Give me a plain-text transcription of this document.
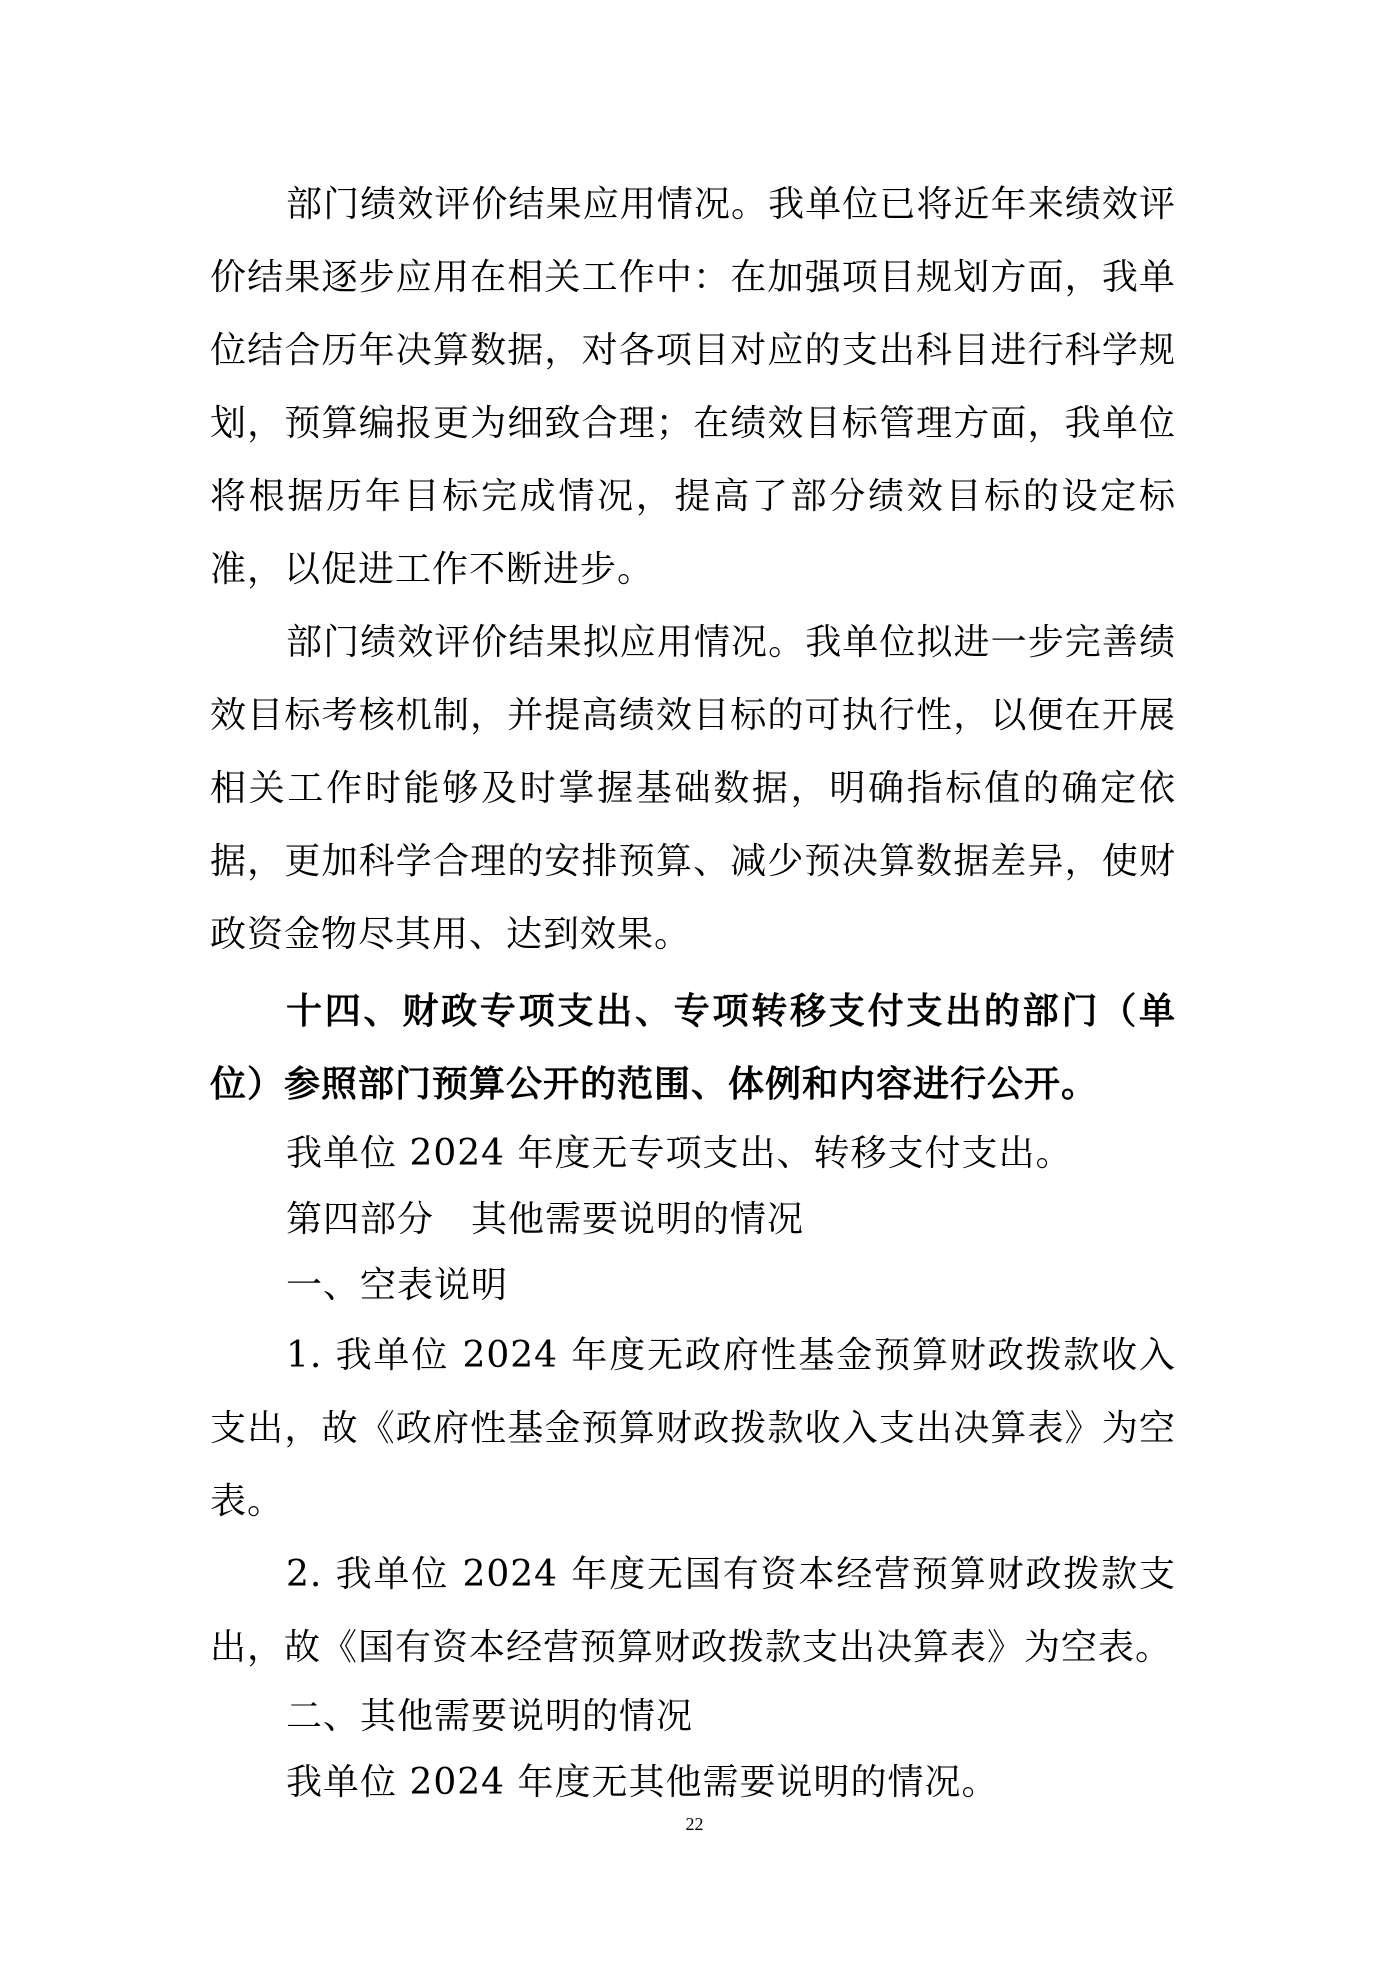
部门绩效评价结果应用情况。我单位已将近年来绩效评价结果逐步应用在相关工作中：在加强项目规划方面，我单位结合历年决算数据，对各项目对应的支出科目进行科学规划，预算编报更为细致合理；在绩效目标管理方面，我单位将根据历年目标完成情况，提高了部分绩效目标的设定标准，以促进工作不断进步。

部门绩效评价结果拟应用情况。我单位拟进一步完善绩效目标考核机制，并提高绩效目标的可执行性，以便在开展相关工作时能够及时掌握基础数据，明确指标值的确定依据，更加科学合理的安排预算、减少预决算数据差异，使财政资金物尽其用、达到效果。

十四、财政专项支出、专项转移支付支出的部门（单位）参照部门预算公开的范围、体例和内容进行公开。

我单位 2024 年度无专项支出、转移支付支出。

第四部分　其他需要说明的情况

一、空表说明

1. 我单位 2024 年度无政府性基金预算财政拨款收入支出，故《政府性基金预算财政拨款收入支出决算表》为空表。

2. 我单位 2024 年度无国有资本经营预算财政拨款支出，故《国有资本经营预算财政拨款支出决算表》为空表。

二、其他需要说明的情况

我单位 2024 年度无其他需要说明的情况。

22
